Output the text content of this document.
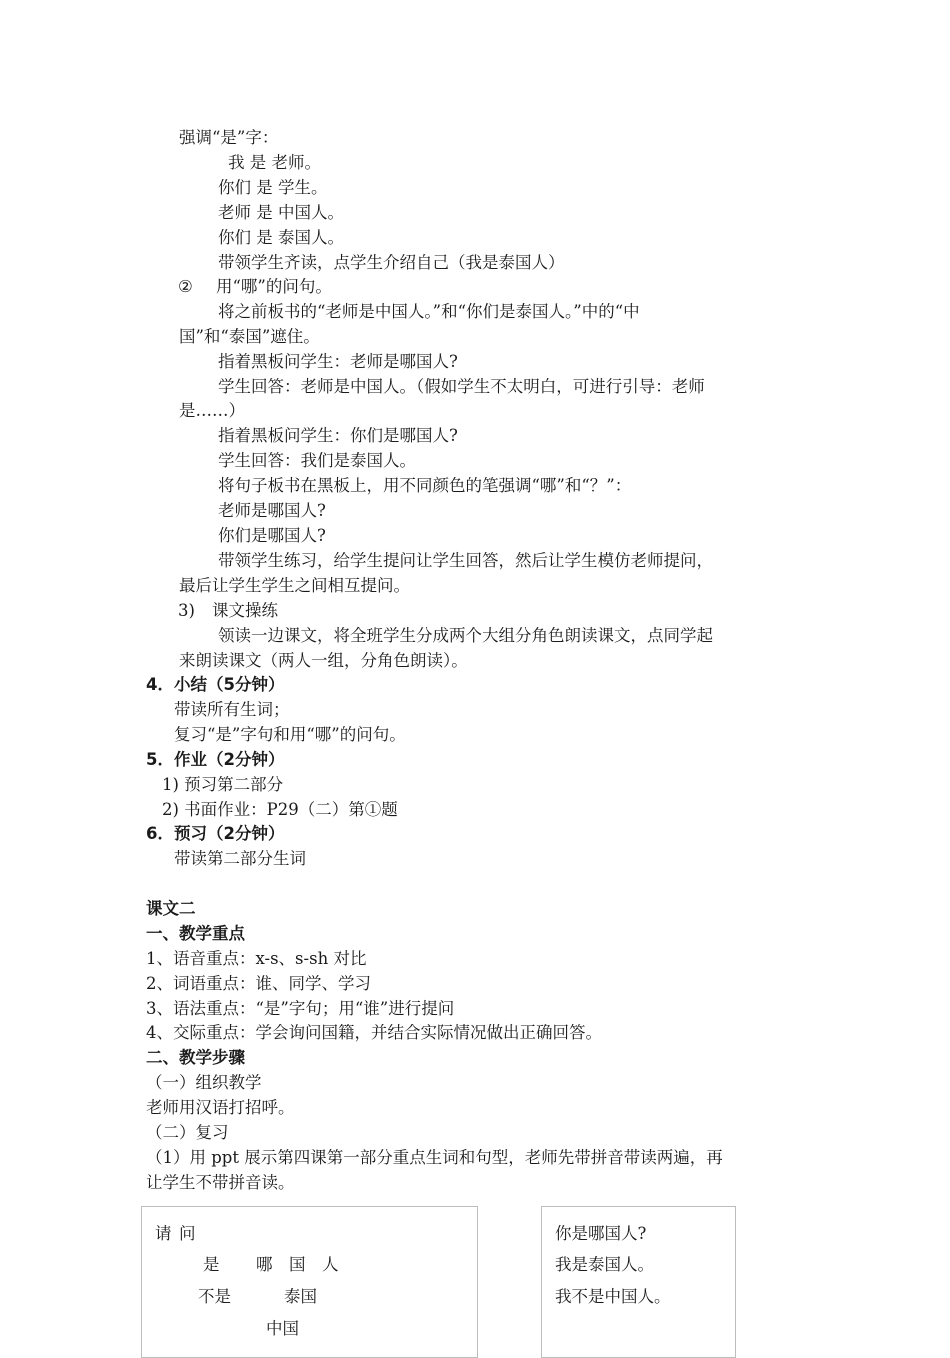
强调“是”字：
我 是 老师。
你们 是 学生。
老师 是 中国人。
你们 是 泰国人。
带领学生齐读，点学生介绍自己（我是泰国人）
② 用“哪”的问句。
将之前板书的“老师是中国人。”和“你们是泰国人。”中的“中
国”和“泰国”遮住。
指着黑板问学生：老师是哪国人?
学生回答：老师是中国人。（假如学生不太明白，可进行引导：老师
是……）
指着黑板问学生：你们是哪国人?
学生回答：我们是泰国人。
将句子板书在黑板上，用不同颜色的笔强调“哪”和“？”：
老师是哪国人?
你们是哪国人?
带领学生练习，给学生提问让学生回答，然后让学生模仿老师提问，
最后让学生学生之间相互提问。
3) 课文操练
领读一边课文，将全班学生分成两个大组分角色朗读课文，点同学起
来朗读课文（两人一组，分角色朗读）。
4．小结（5分钟）
带读所有生词；
复习“是”字句和用“哪”的问句。
5．作业（2分钟）
1) 预习第二部分
2) 书面作业：P29（二）第①题
6．预习（2分钟）
带读第二部分生词
课文二
一、教学重点
1、语音重点：x-s、s-sh 对比
2、词语重点：谁、同学、学习
3、语法重点：“是”字句；用“谁”进行提问
4、交际重点：学会询问国籍，并结合实际情况做出正确回答。
二、教学步骤
（一）组织教学
老师用汉语打招呼。
（二）复习
（1）用 ppt 展示第四课第一部分重点生词和句型，老师先带拼音带读两遍，再
让学生不带拼音读。
请 问
是 哪 国 人
不是	泰国
中国
你是哪国人?
我是泰国人。
我不是中国人。
